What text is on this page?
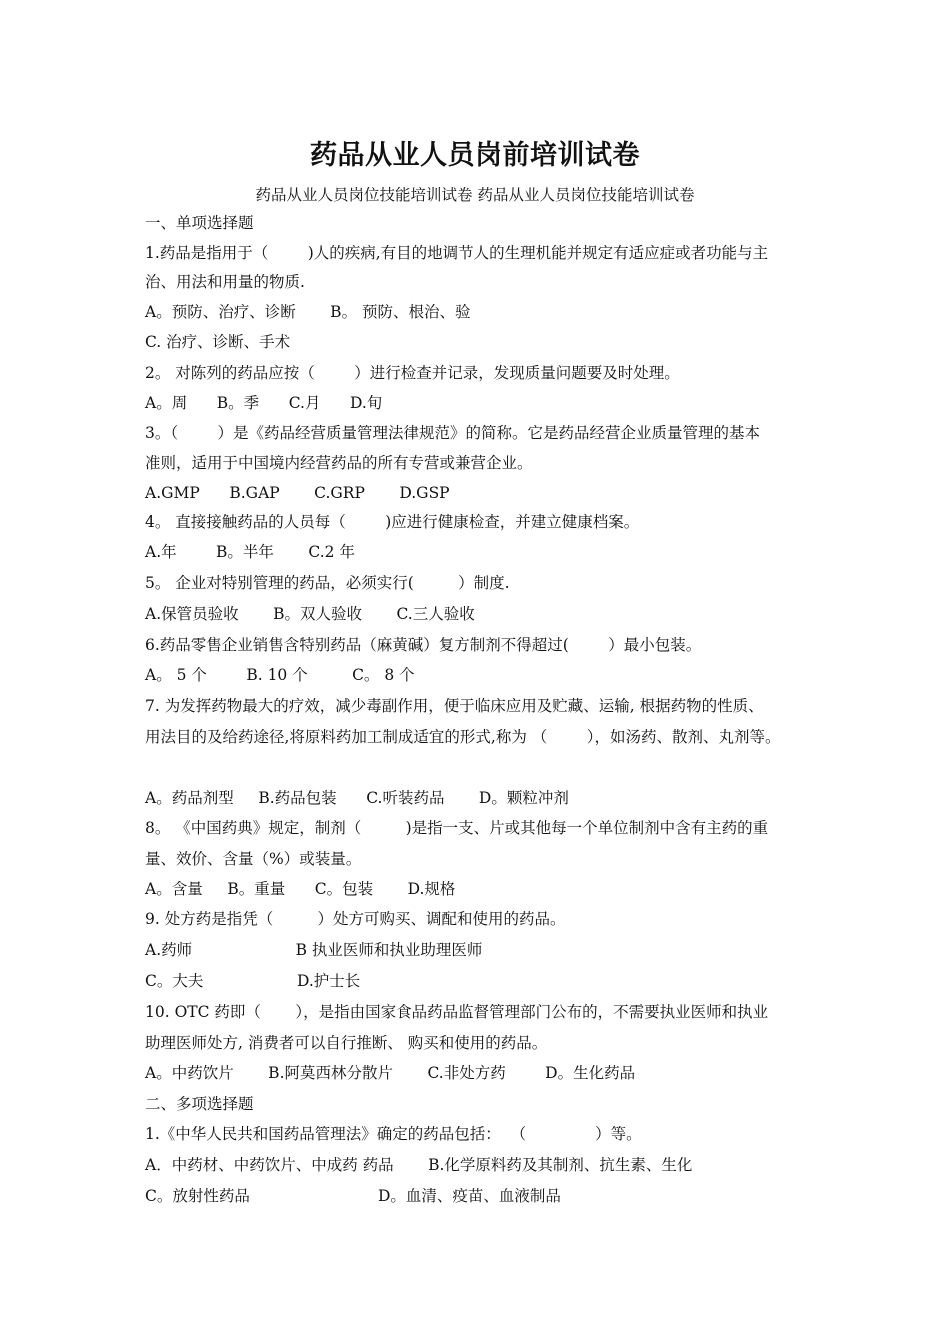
药品从业人员岗前培训试卷
药品从业人员岗位技能培训试卷 药品从业人员岗位技能培训试卷
一、单项选择题
1.药品是指用于（        )人的疾病,有目的地调节人的生理机能并规定有适应症或者功能与主
治、用法和用量的物质.
A。预防、治疗、诊断       B。 预防、根治、验
C. 治疗、诊断、手术
2。 对陈列的药品应按（        ）进行检查并记录，发现质量问题要及时处理。
A。周      B。季      C.月      D.旬
3。（        ）是《药品经营质量管理法律规范》的简称。它是药品经营企业质量管理的基本
准则，适用于中国境内经营药品的所有专营或兼营企业。
A.GMP      B.GAP       C.GRP       D.GSP
4。 直接接触药品的人员每（        )应进行健康检查，并建立健康档案。
A.年        B。半年       C.2 年
5。 企业对特别管理的药品，必须实行(         ）制度.
A.保管员验收       B。双人验收       C.三人验收
6.药品零售企业销售含特别药品（麻黄碱）复方制剂不得超过(        ）最小包装。
A。 5 个        B. 10 个         C。 8 个
7. 为发挥药物最大的疗效，减少毒副作用，便于临床应用及贮藏、运输, 根据药物的性质、
用法目的及给药途径,将原料药加工制成适宜的形式,称为 （        ），如汤药、散剂、丸剂等。
A。药品剂型     B.药品包装      C.听装药品       D。颗粒冲剂
8。 《中国药典》规定，制剂（         )是指一支、片或其他每一个单位制剂中含有主药的重
量、效价、含量（%）或装量。
A。含量     B。重量      C。包装       D.规格
9. 处方药是指凭（         ）处方可购买、调配和使用的药品。
A.药师                     B 执业医师和执业助理医师
C。大夫                   D.护士长
10. OTC 药即（       ），是指由国家食品药品监督管理部门公布的，不需要执业医师和执业
助理医师处方, 消费者可以自行推断、 购买和使用的药品。
A。中药饮片       B.阿莫西林分散片       C.非处方药        D。生化药品
二、多项选择题
1.《中华人民共和国药品管理法》确定的药品包括：  （              ）等。
A．中药材、中药饮片、中成药 药品       B.化学原料药及其制剂、抗生素、生化
C。放射性药品                          D。血清、疫苗、血液制品
